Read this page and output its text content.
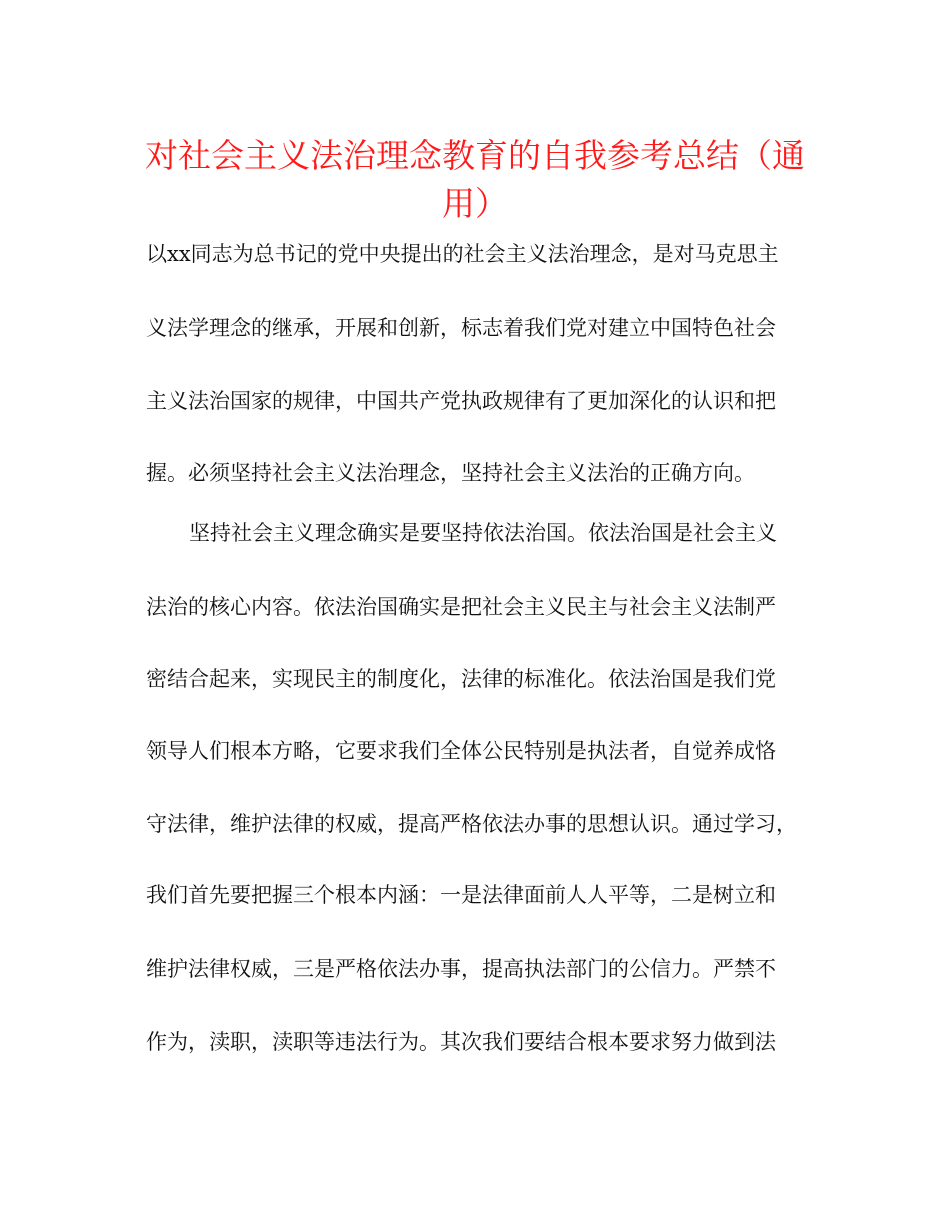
对社会主义法治理念教育的自我参考总结（通用）

以xx同志为总书记的党中央提出的社会主义法治理念，是对马克思主

义法学理念的继承，开展和创新，标志着我们党对建立中国特色社会

主义法治国家的规律，中国共产党执政规律有了更加深化的认识和把

握。必须坚持社会主义法治理念，坚持社会主义法治的正确方向。

坚持社会主义理念确实是要坚持依法治国。依法治国是社会主义

法治的核心内容。依法治国确实是把社会主义民主与社会主义法制严

密结合起来，实现民主的制度化，法律的标准化。依法治国是我们党

领导人们根本方略，它要求我们全体公民特别是执法者，自觉养成恪

守法律，维护法律的权威，提高严格依法办事的思想认识。通过学习，

我们首先要把握三个根本内涵：一是法律面前人人平等，二是树立和

维护法律权威，三是严格依法办事，提高执法部门的公信力。严禁不

作为，渎职，渎职等违法行为。其次我们要结合根本要求努力做到法
